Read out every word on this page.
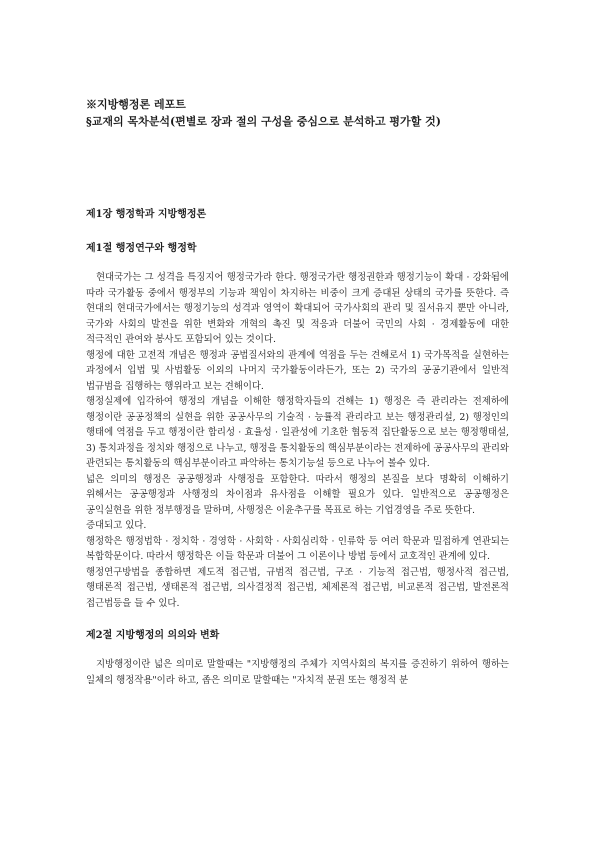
※지방행정론 레포트

§교재의 목차분석(편별로 장과 절의 구성을 중심으로 분석하고 평가할 것)

제1장 행정학과 지방행정론

제1절 행정연구와 행정학

현대국가는 그 성격을 특징지어 행정국가라 한다. 행정국가란 행정권한과 행정기능이 확대 · 강화됨에 따라 국가활동 중에서 행정부의 기능과 책임이 차지하는 비중이 크게 증대된 상태의 국가를 뜻한다. 즉 현대의 현대국가에서는 행정기능의 성격과 영역이 확대되어 국가사회의 관리 및 질서유지 뿐만 아니라, 국가와 사회의 발전을 위한 변화와 개혁의 촉진 및 적응과 더불어 국민의 사회 · 경제활동에 대한 적극적인 관여와 봉사도 포함되어 있는 것이다.

행정에 대한 고전적 개념은 행정과 공법질서와의 관계에 역점을 두는 견해로서 1) 국가목적을 실현하는 과정에서 입법 및 사법활동 이외의 나머지 국가활동이라든가, 또는 2) 국가의 공공기관에서 일반적 법규범을 집행하는 행위라고 보는 견해이다.

행정실제에 입각하여 행정의 개념을 이해한 행정학자들의 견해는 1) 행정은 즉 관리라는 전제하에 행정이란 공공정책의 실현을 위한 공공사무의 기술적 · 능률적 관리라고 보는 행정관리설, 2) 행정인의 행태에 역점을 두고 행정이란 합리성 · 효율성 · 일관성에 기초한 협동적 집단활동으로 보는 행정행태설, 3) 통치과정을 정치와 행정으로 나누고, 행정을 통치활동의 핵심부분이라는 전제하에 공공사무의 관리와 관련되는 통치활동의 핵심부분이라고 파악하는 통치기능설 등으로 나누어 볼수 있다.

넓은 의미의 행정은 공공행정과 사행정을 포함한다. 따라서 행정의 본질을 보다 명확히 이해하기 위해서는 공공행정과 사행정의 차이점과 유사점을 이해할 필요가 있다. 일반적으로 공공행정은 공익실현을 위한 정부행정을 말하며, 사행정은 이윤추구를 목표로 하는 기업경영을 주로 뜻한다.

증대되고 있다.

행정학은 행정법학 · 정치학 · 경영학 · 사회학 · 사회심리학 · 인류학 등 여러 학문과 밀접하게 연관되는 복합학문이다. 따라서 행정학은 이들 학문과 더불어 그 이론이나 방법 등에서 교호적인 관계에 있다.

행정연구방법을 종합하면 제도적 접근법, 규범적 접근법, 구조 · 기능적 접근법, 행정사적 접근법, 행태론적 접근법, 생태론적 접근법, 의사결정적 접근법, 체제론적 접근법, 비교론적 접근법, 발전론적 접근법등을 들 수 있다.

제2절 지방행정의 의의와 변화

지방행정이란 넓은 의미로 말할때는 "지방행정의 주체가 지역사회의 복지를 증진하기 위하여 행하는 일체의 행정작용"이라 하고, 좁은 의미로 말할때는 "자치적 분권 또는 행정적 분
